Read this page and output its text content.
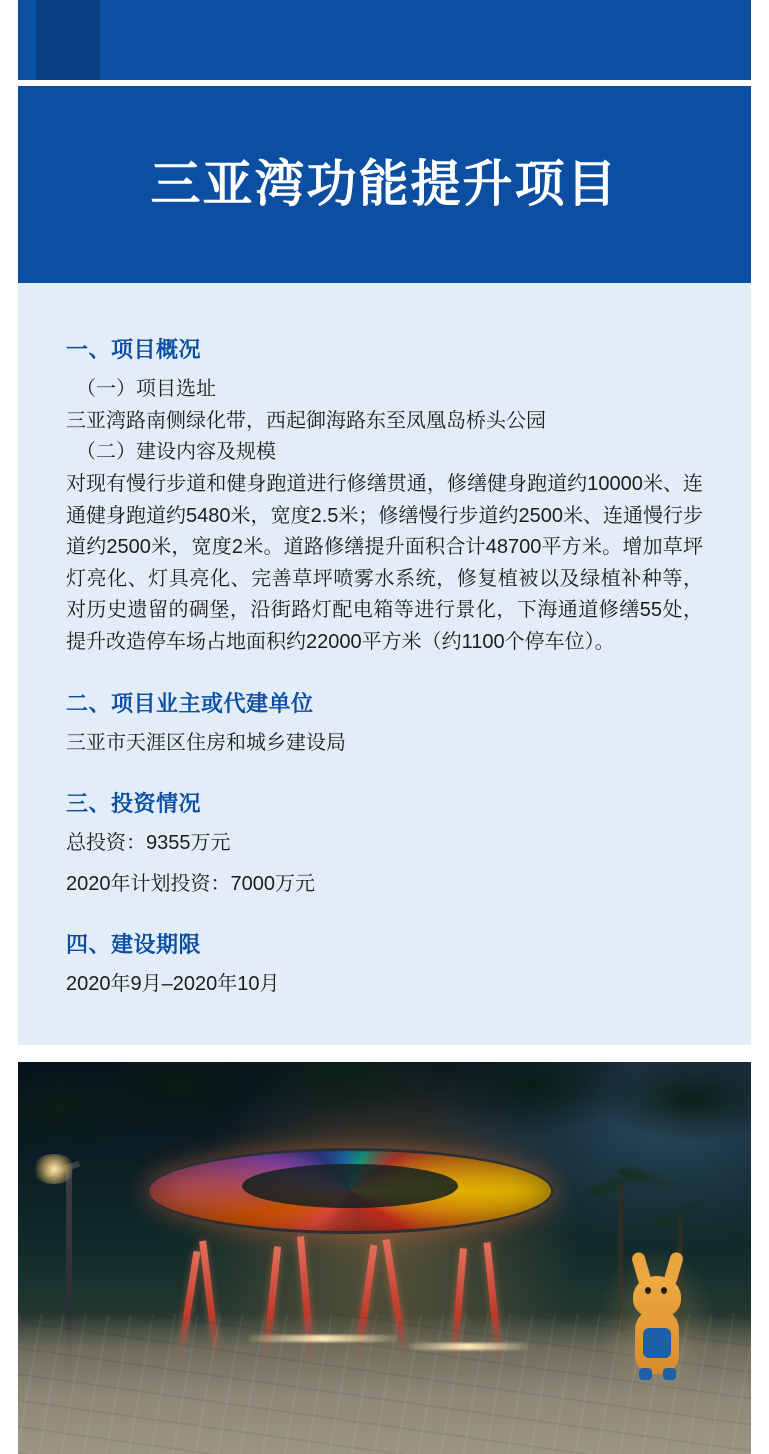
三亚湾功能提升项目

一、项目概况

（一）项目选址

三亚湾路南侧绿化带，西起御海路东至凤凰岛桥头公园

（二）建设内容及规模

对现有慢行步道和健身跑道进行修缮贯通，修缮健身跑道约10000米、连通健身跑道约5480米，宽度2.5米；修缮慢行步道约2500米、连通慢行步道约2500米，宽度2米。道路修缮提升面积合计48700平方米。增加草坪灯亮化、灯具亮化、完善草坪喷雾水系统，修复植被以及绿植补种等，对历史遗留的碉堡，沿街路灯配电箱等进行景化，下海通道修缮55处，提升改造停车场占地面积约22000平方米（约1100个停车位）。

二、项目业主或代建单位

三亚市天涯区住房和城乡建设局

三、投资情况

总投资：9355万元

2020年计划投资：7000万元

四、建设期限

2020年9月–2020年10月
